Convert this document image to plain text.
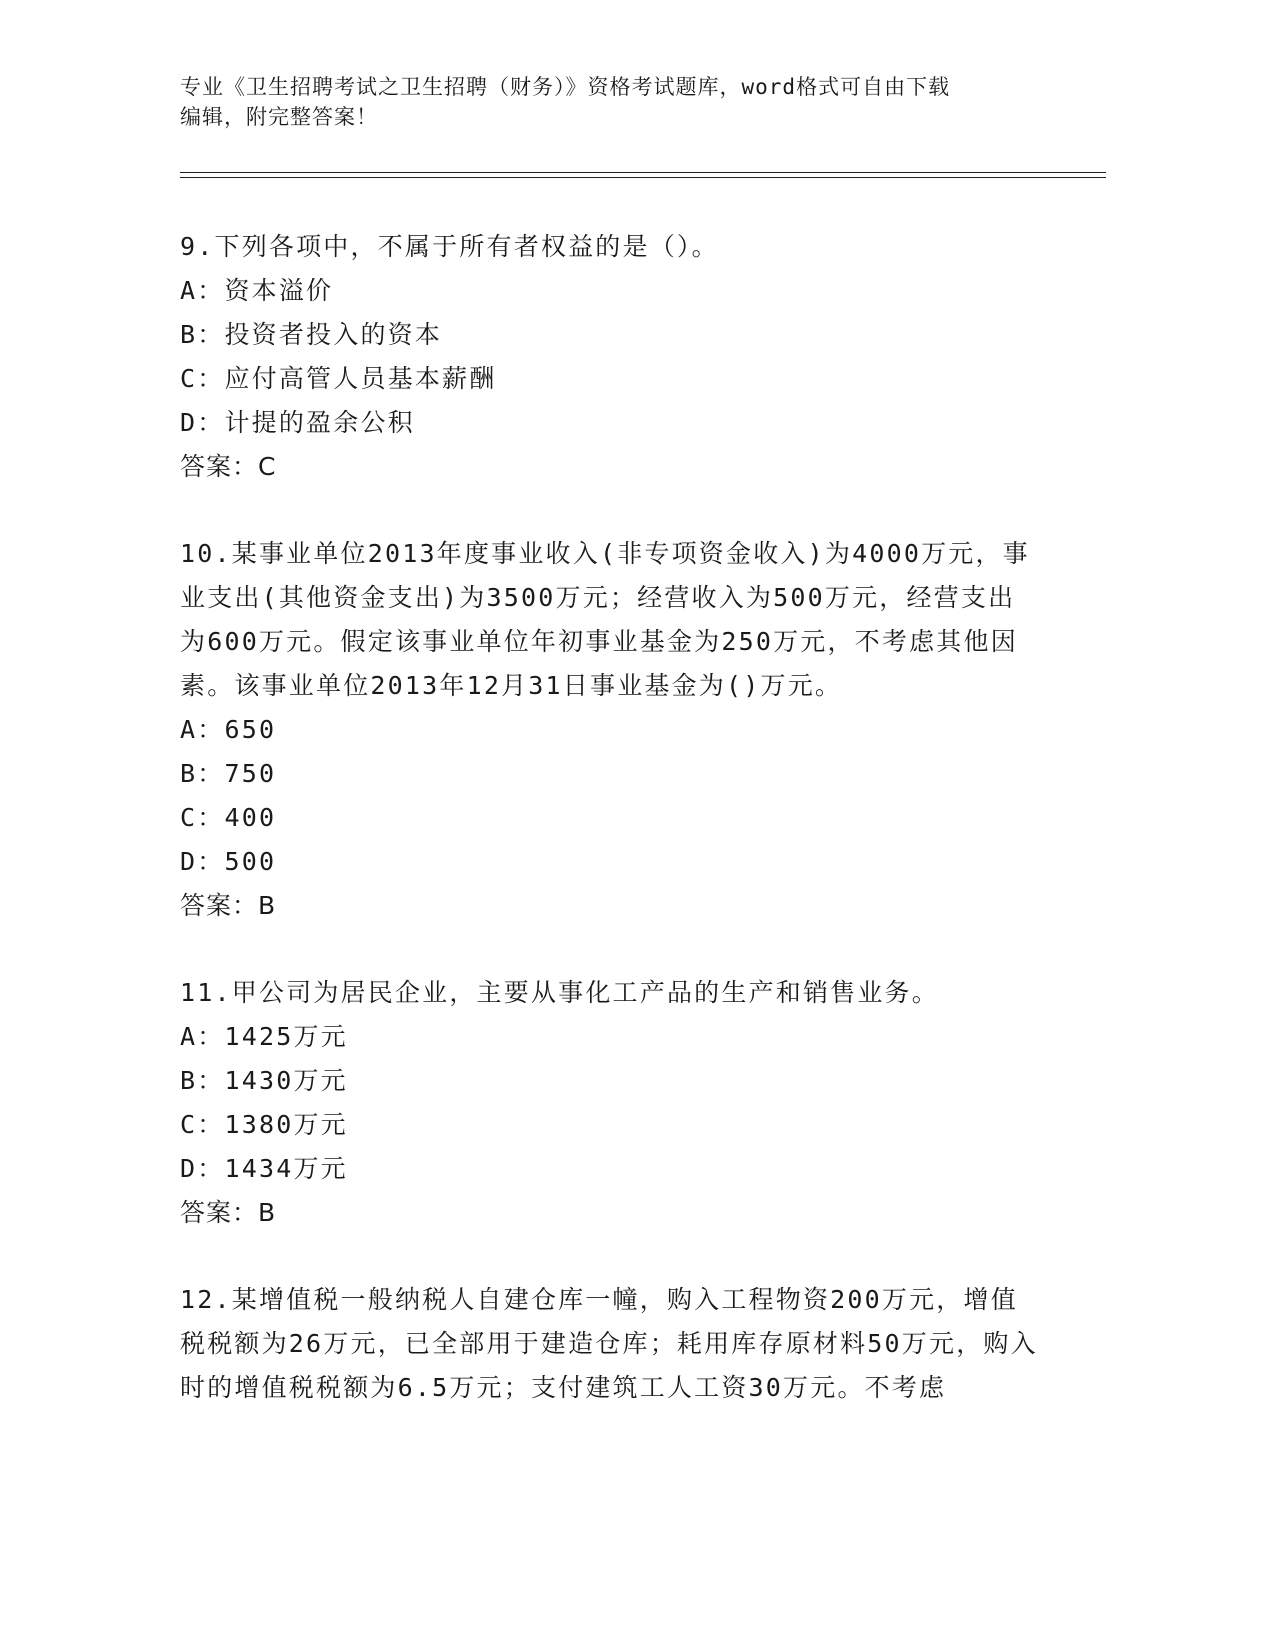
专业《卫生招聘考试之卫生招聘（财务）》资格考试题库，word格式可自由下载
编辑，附完整答案！
9.下列各项中，不属于所有者权益的是（）。
A：资本溢价
B：投资者投入的资本
C：应付高管人员基本薪酬
D：计提的盈余公积
答案：C
10.某事业单位2013年度事业收入(非专项资金收入)为4000万元，事业支出(其他资金支出)为3500万元；经营收入为500万元，经营支出为600万元。假定该事业单位年初事业基金为250万元，不考虑其他因素。该事业单位2013年12月31日事业基金为()万元。
A：650
B：750
C：400
D：500
答案：B
11.甲公司为居民企业，主要从事化工产品的生产和销售业务。
A：1425万元
B：1430万元
C：1380万元
D：1434万元
答案：B
12.某增值税一般纳税人自建仓库一幢，购入工程物资200万元，增值税税额为26万元，已全部用于建造仓库；耗用库存原材料50万元，购入时的增值税税额为6.5万元；支付建筑工人工资30万元。不考虑
